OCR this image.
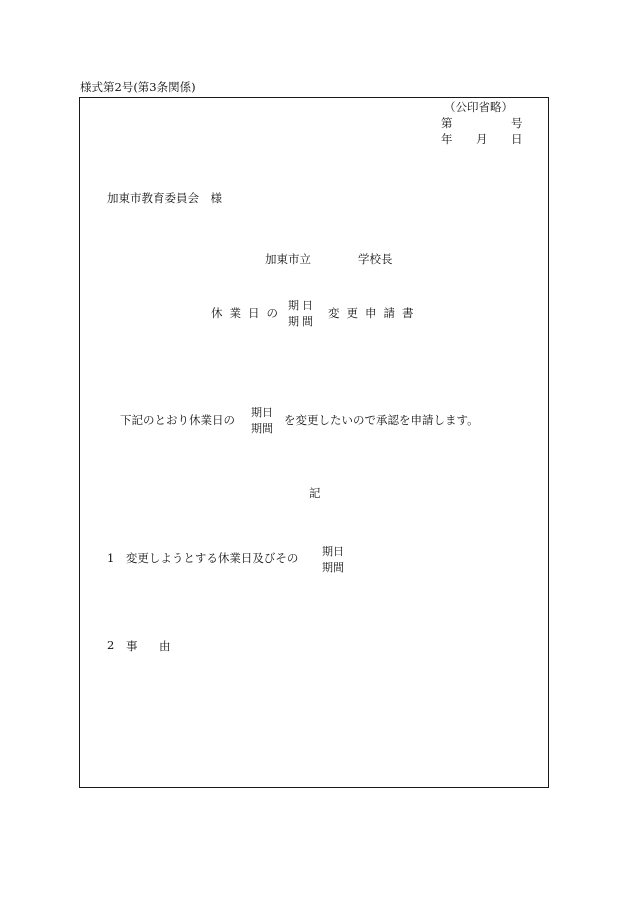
様式第2号(第3条関係)
（公印省略）
第	号
年 月 日
加東市教育委員会　様
加東市立	学校長
休業日の
期日
期間
変更申請書
下記のとおり休業日の
期日
期間
を変更したいので承認を申請します。
記
1　変更しようとする休業日及びその 期日
期間
2 事 由
